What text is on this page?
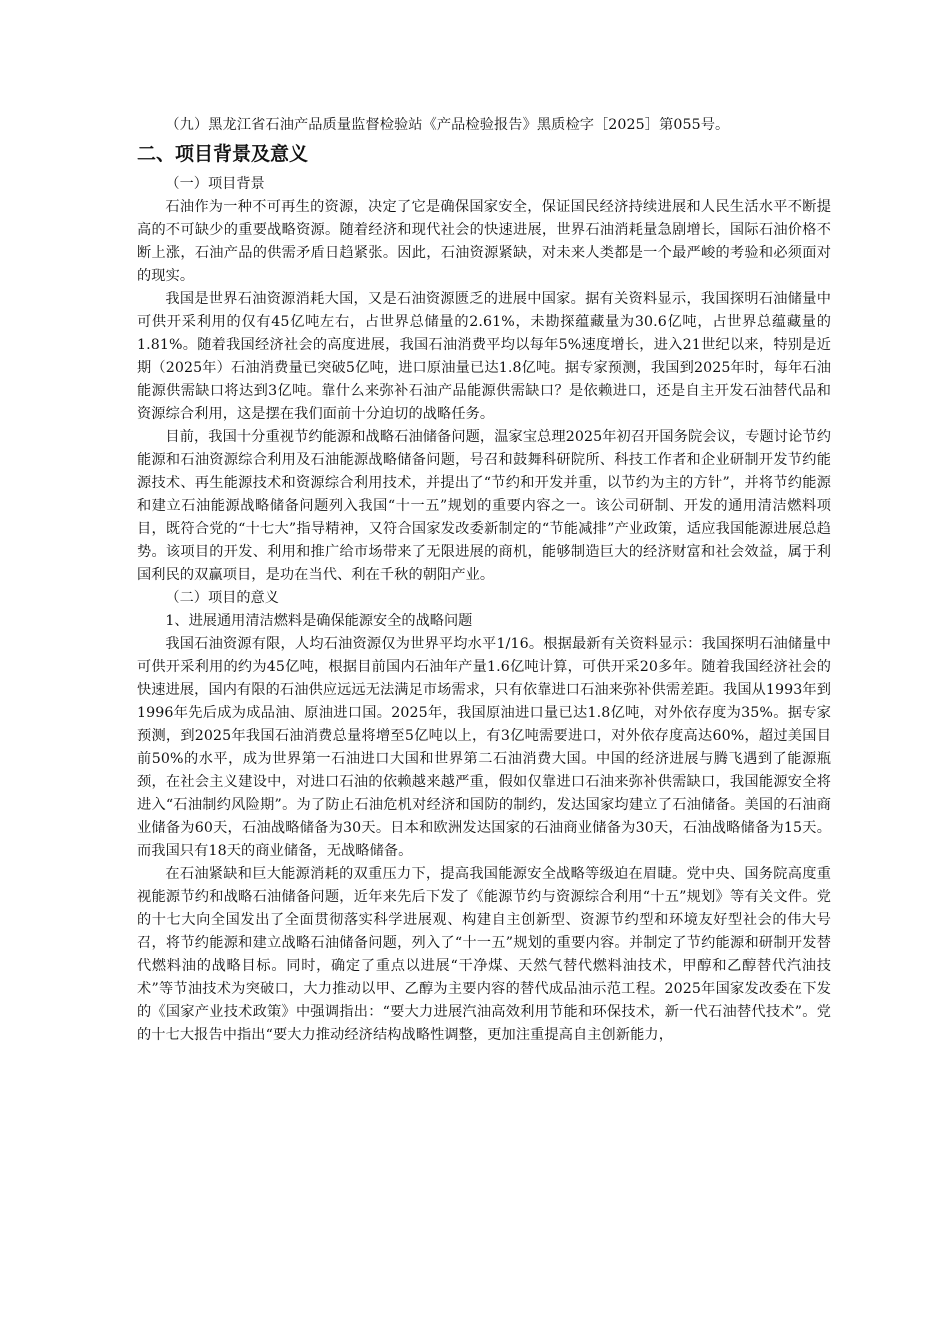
（九）黑龙江省石油产品质量监督检验站《产品检验报告》黑质检字［2025］第055号。

二、项目背景及意义

（一）项目背景

石油作为一种不可再生的资源，决定了它是确保国家安全，保证国民经济持续进展和人民生活水平不断提高的不可缺少的重要战略资源。随着经济和现代社会的快速进展，世界石油消耗量急剧增长，国际石油价格不断上涨，石油产品的供需矛盾日趋紧张。因此，石油资源紧缺，对未来人类都是一个最严峻的考验和必须面对的现实。

我国是世界石油资源消耗大国，又是石油资源匮乏的进展中国家。据有关资料显示，我国探明石油储量中可供开采利用的仅有45亿吨左右，占世界总储量的2.61%，未勘探蕴藏量为30.6亿吨，占世界总蕴藏量的1.81%。随着我国经济社会的高度进展，我国石油消费平均以每年5%速度增长，进入21世纪以来，特别是近期（2025年）石油消费量已突破5亿吨，进口原油量已达1.8亿吨。据专家预测，我国到2025年时，每年石油能源供需缺口将达到3亿吨。靠什么来弥补石油产品能源供需缺口？是依赖进口，还是自主开发石油替代品和资源综合利用，这是摆在我们面前十分迫切的战略任务。

目前，我国十分重视节约能源和战略石油储备问题，温家宝总理2025年初召开国务院会议，专题讨论节约能源和石油资源综合利用及石油能源战略储备问题，号召和鼓舞科研院所、科技工作者和企业研制开发节约能源技术、再生能源技术和资源综合利用技术，并提出了“节约和开发并重，以节约为主的方针”，并将节约能源和建立石油能源战略储备问题列入我国“十一五”规划的重要内容之一。该公司研制、开发的通用清洁燃料项目，既符合党的“十七大”指导精神，又符合国家发改委新制定的“节能减排”产业政策，适应我国能源进展总趋势。该项目的开发、利用和推广给市场带来了无限进展的商机，能够制造巨大的经济财富和社会效益，属于利国利民的双赢项目，是功在当代、利在千秋的朝阳产业。

（二）项目的意义

1、进展通用清洁燃料是确保能源安全的战略问题

我国石油资源有限，人均石油资源仅为世界平均水平1/16。根据最新有关资料显示：我国探明石油储量中可供开采利用的约为45亿吨，根据目前国内石油年产量1.6亿吨计算，可供开采20多年。随着我国经济社会的快速进展，国内有限的石油供应远远无法满足市场需求，只有依靠进口石油来弥补供需差距。我国从1993年到1996年先后成为成品油、原油进口国。2025年，我国原油进口量已达1.8亿吨，对外依存度为35%。据专家预测，到2025年我国石油消费总量将增至5亿吨以上，有3亿吨需要进口，对外依存度高达60%，超过美国目前50%的水平，成为世界第一石油进口大国和世界第二石油消费大国。中国的经济进展与腾飞遇到了能源瓶颈，在社会主义建设中，对进口石油的依赖越来越严重，假如仅靠进口石油来弥补供需缺口，我国能源安全将进入“石油制约风险期”。为了防止石油危机对经济和国防的制约，发达国家均建立了石油储备。美国的石油商业储备为60天，石油战略储备为30天。日本和欧洲发达国家的石油商业储备为30天，石油战略储备为15天。而我国只有18天的商业储备，无战略储备。

在石油紧缺和巨大能源消耗的双重压力下，提高我国能源安全战略等级迫在眉睫。党中央、国务院高度重视能源节约和战略石油储备问题，近年来先后下发了《能源节约与资源综合利用“十五”规划》等有关文件。党的十七大向全国发出了全面贯彻落实科学进展观、构建自主创新型、资源节约型和环境友好型社会的伟大号召，将节约能源和建立战略石油储备问题，列入了“十一五”规划的重要内容。并制定了节约能源和研制开发替代燃料油的战略目标。同时，确定了重点以进展“干净煤、天然气替代燃料油技术，甲醇和乙醇替代汽油技术”等节油技术为突破口，大力推动以甲、乙醇为主要内容的替代成品油示范工程。2025年国家发改委在下发的《国家产业技术政策》中强调指出：“要大力进展汽油高效利用节能和环保技术，新一代石油替代技术”。党的十七大报告中指出“要大力推动经济结构战略性调整，更加注重提高自主创新能力，
